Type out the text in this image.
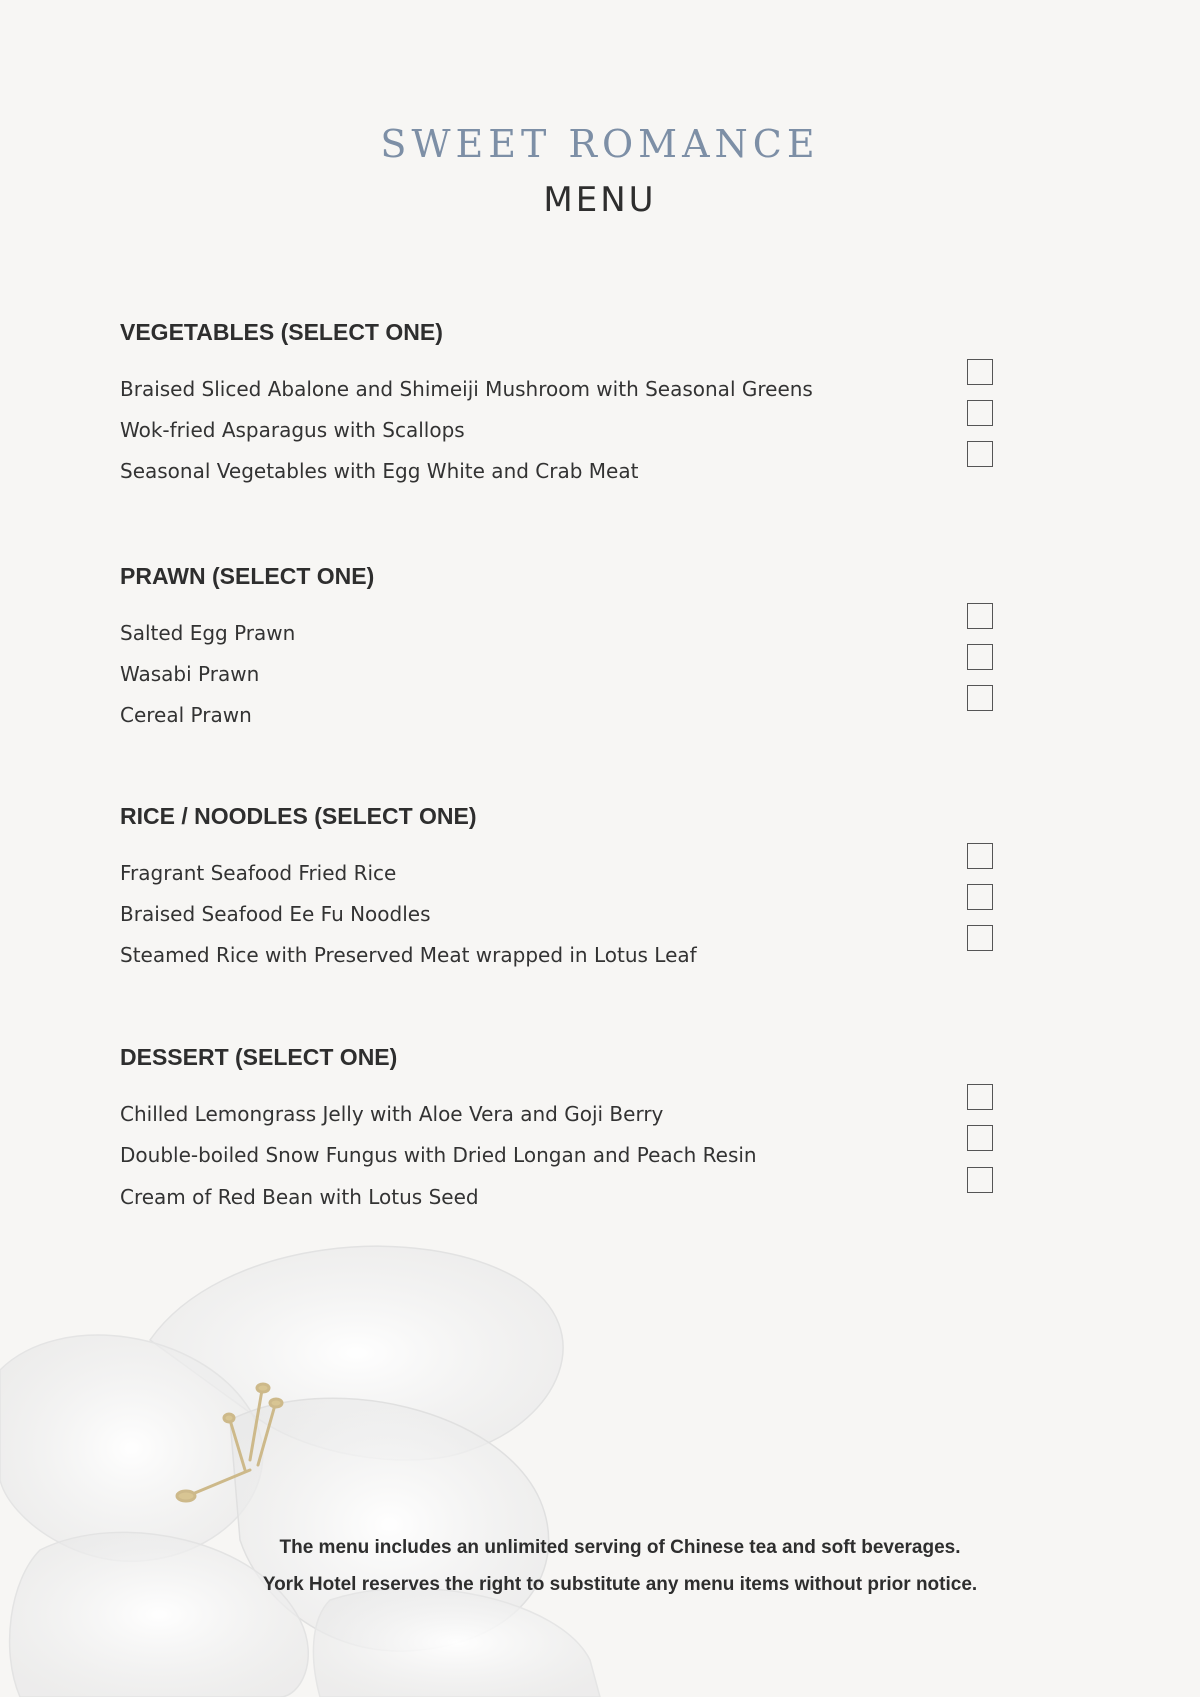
SWEET ROMANCE
MENU
VEGETABLES (SELECT ONE)
Braised Sliced Abalone and Shimeiji Mushroom with Seasonal Greens
Wok-fried Asparagus with Scallops
Seasonal Vegetables with Egg White and Crab Meat
PRAWN (SELECT ONE)
Salted Egg Prawn
Wasabi Prawn
Cereal Prawn
RICE / NOODLES (SELECT ONE)
Fragrant Seafood Fried Rice
Braised Seafood Ee Fu Noodles
Steamed Rice with Preserved Meat wrapped in Lotus Leaf
DESSERT (SELECT ONE)
Chilled Lemongrass Jelly with Aloe Vera and Goji Berry
Double-boiled Snow Fungus with Dried Longan and Peach Resin
Cream of Red Bean with Lotus Seed
The menu includes an unlimited serving of Chinese tea and soft beverages.
York Hotel reserves the right to substitute any menu items without prior notice.
